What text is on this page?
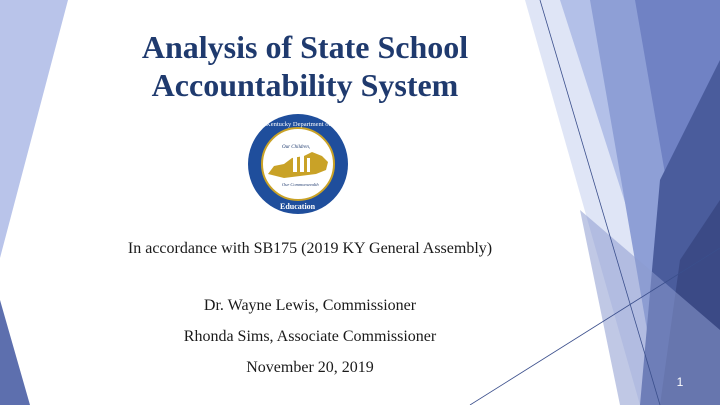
Analysis of State School
Accountability System
Our Children,
Our Commonwealth
Kentucky Department of
Education
In accordance with SB175 (2019 KY General Assembly)
Dr. Wayne Lewis, Commissioner
Rhonda Sims, Associate Commissioner
November 20, 2019
1
